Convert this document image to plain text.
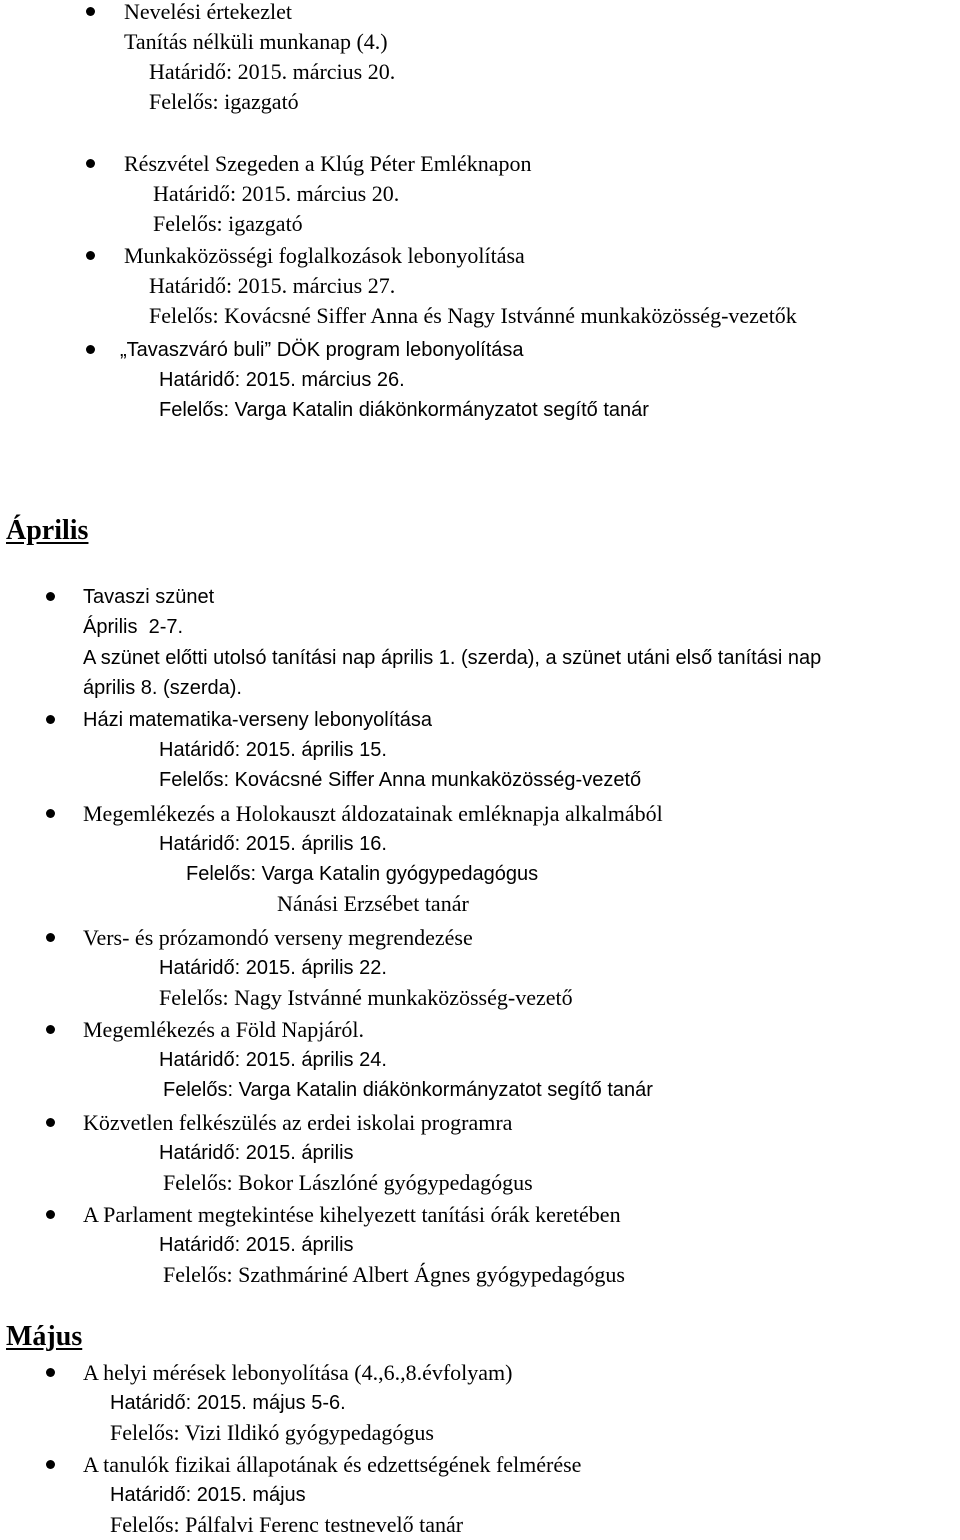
Nevelési értekezlet
Tanítás nélküli munkanap (4.)
Határidő: 2015. március 20.
Felelős: igazgató
Részvétel Szegeden a Klúg Péter Emléknapon
Határidő: 2015. március 20.
Felelős: igazgató
Munkaközösségi foglalkozások lebonyolítása
Határidő: 2015. március 27.
Felelős: Kovácsné Siffer Anna és Nagy Istvánné munkaközösség-vezetők
„Tavaszváró buli” DÖK program lebonyolítása
Határidő: 2015. március 26.
Felelős: Varga Katalin diákönkormányzatot segítő tanár
Április
Tavaszi szünet
Április  2-7.
A szünet előtti utolsó tanítási nap április 1. (szerda), a szünet utáni első tanítási nap
április 8. (szerda).
Házi matematika-verseny lebonyolítása
Határidő: 2015. április 15.
Felelős: Kovácsné Siffer Anna munkaközösség-vezető
Megemlékezés a Holokauszt áldozatainak emléknapja alkalmából
Határidő: 2015. április 16.
Felelős: Varga Katalin gyógypedagógus
Nánási Erzsébet tanár
Vers- és prózamondó verseny megrendezése
Határidő: 2015. április 22.
Felelős: Nagy Istvánné munkaközösség-vezető
Megemlékezés a Föld Napjáról.
Határidő: 2015. április 24.
Felelős: Varga Katalin diákönkormányzatot segítő tanár
Közvetlen felkészülés az erdei iskolai programra
Határidő: 2015. április
Felelős: Bokor Lászlóné gyógypedagógus
A Parlament megtekintése kihelyezett tanítási órák keretében
Határidő: 2015. április
Felelős: Szathmáriné Albert Ágnes gyógypedagógus
Május
A helyi mérések lebonyolítása (4.,6.,8.évfolyam)
Határidő: 2015. május 5-6.
Felelős: Vizi Ildikó gyógypedagógus
A tanulók fizikai állapotának és edzettségének felmérése
Határidő: 2015. május
Felelős: Pálfalvi Ferenc testnevelő tanár
